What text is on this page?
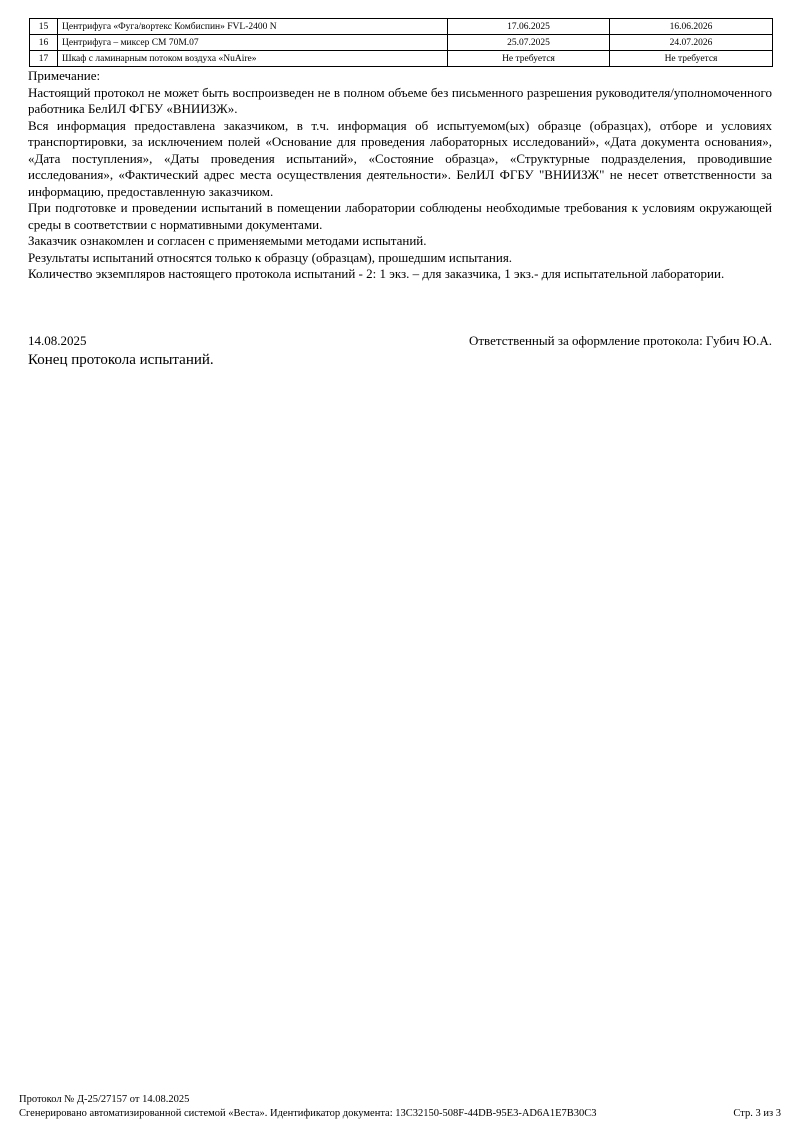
15	Центрифуга «Фуга/вортекс Комбиспин» FVL-2400 N	17.06.2025	16.06.2026
16	Центрифуга – миксер СМ 70М.07	25.07.2025	24.07.2026
17	Шкаф с ламинарным потоком воздуха «NuAire»	Не требуется	Не требуется

Примечание:

Настоящий протокол не может быть воспроизведен не в полном объеме без письменного разрешения руководителя/уполномоченного работника БелИЛ ФГБУ «ВНИИЗЖ».

Вся информация предоставлена заказчиком, в т.ч. информация об испытуемом(ых) образце (образцах), отборе и условиях транспортировки, за исключением полей «Основание для проведения лабораторных исследований», «Дата документа основания», «Дата поступления», «Даты проведения испытаний», «Состояние образца», «Структурные подразделения, проводившие исследования», «Фактический адрес места осуществления деятельности». БелИЛ ФГБУ "ВНИИЗЖ" не несет ответственности за информацию, предоставленную заказчиком.

При подготовке и проведении испытаний в помещении лаборатории соблюдены необходимые требования к условиям окружающей среды в соответствии с нормативными документами.

Заказчик ознакомлен и согласен с применяемыми методами испытаний.

Результаты испытаний относятся только к образцу (образцам), прошедшим испытания.

Количество экземпляров настоящего протокола испытаний - 2: 1 экз. – для заказчика, 1 экз.- для испытательной лаборатории.

14.08.2025	Ответственный за оформление протокола: Губич Ю.А.
Конец протокола испытаний.
Протокол № Д-25/27157 от 14.08.2025
Сгенерировано автоматизированной системой «Веста». Идентификатор документа: 13C32150-508F-44DB-95E3-AD6A1E7B30C3	Стр. 3 из 3
